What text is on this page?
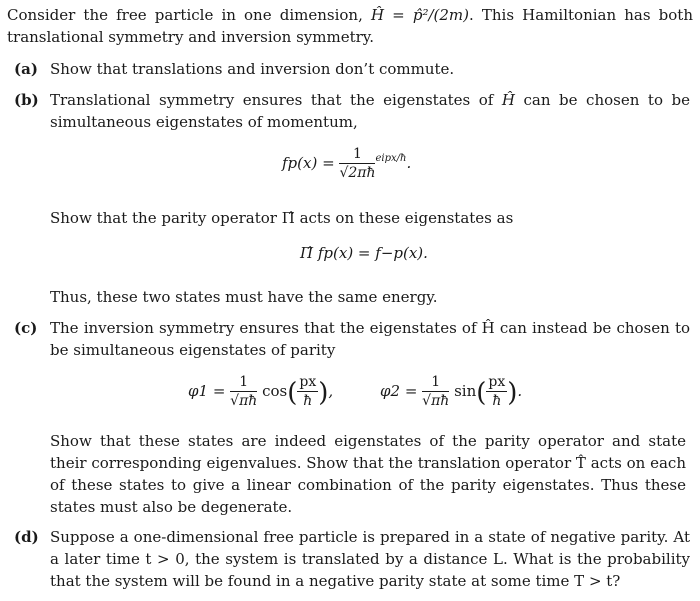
Consider the free particle in one dimension, Ĥ = p̂²/(2m). This Hamiltonian has both translational symmetry and inversion symmetry.
(a) Show that translations and inversion don’t commute.
(b) Translational symmetry ensures that the eigenstates of Ĥ can be chosen to be simultaneous eigenstates of momentum,
$fp(x) = \frac{1}{√2\pi ħ} ^{eipx/ħ}$.
Show that the parity operator Π̂ acts on these eigenstates as
Π̂ fp(x) = f−p(x).
Thus, these two states must have the same energy.
(c) The inversion symmetry ensures that the eigenstates of Ĥ can instead be chosen to be simultaneous eigenstates of parity
$\varphi 1 = \frac{1}{√\pi ħ} \cos( \frac{px}{ħ}$ ),	$\varphi 2 = \frac{1}{√\pi ħ} \sin( \frac{px}{ħ}$ ).
Show that these states are indeed eigenstates of the parity operator and state their corresponding eigenvalues. Show that the translation operator T̂ acts on each of these states to give a linear combination of the parity eigenstates. Thus these states must also be degenerate.
(d) Suppose a one-dimensional free particle is prepared in a state of negative parity. At a later time t > 0, the system is translated by a distance L. What is the probability that the system will be found in a negative parity state at some time T > t?
